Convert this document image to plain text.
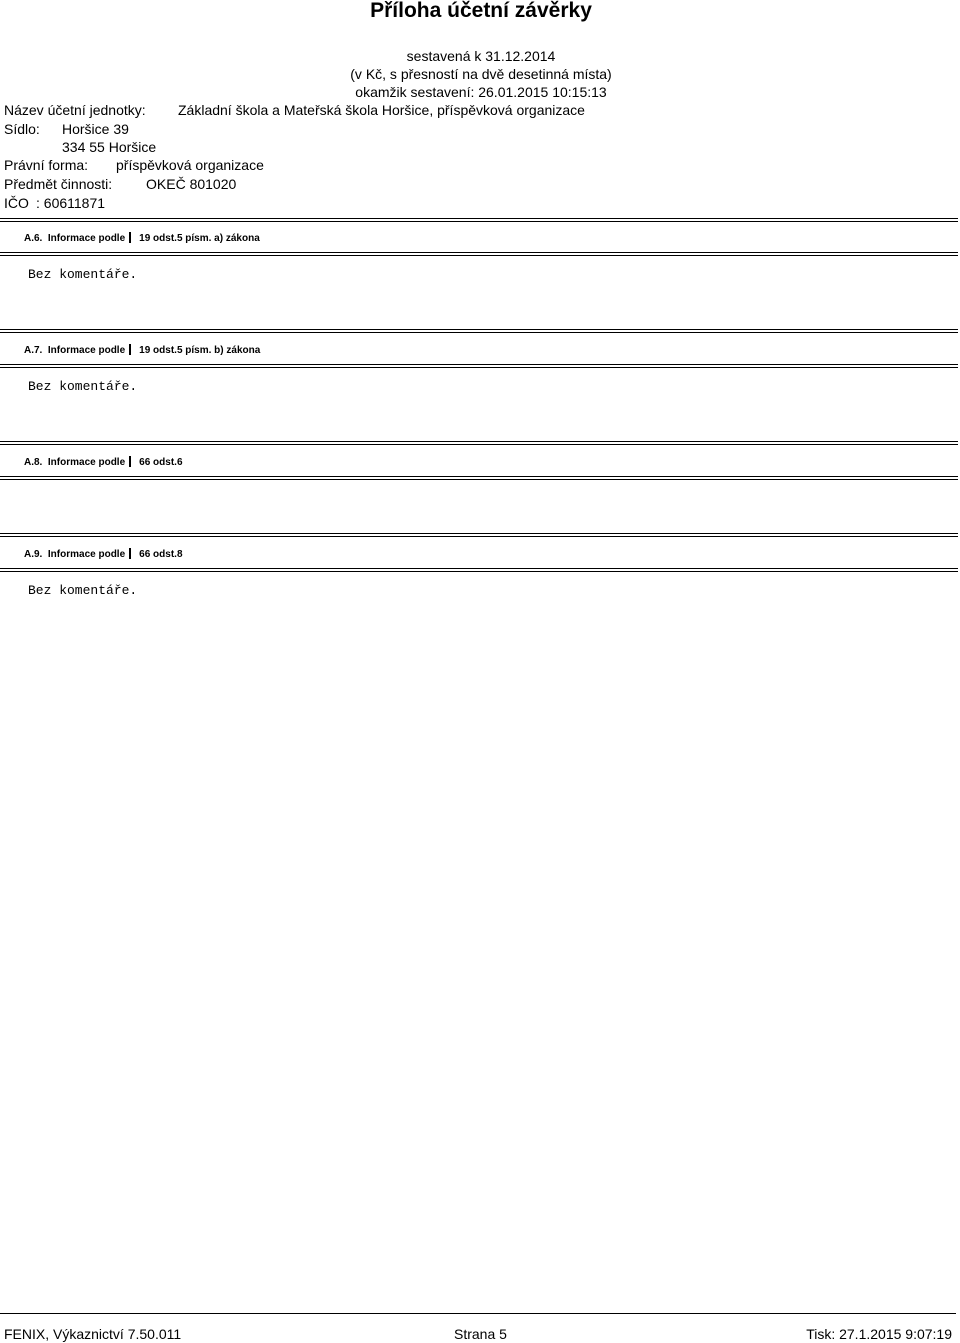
Příloha účetní závěrky
sestavená k 31.12.2014
(v Kč, s přesností na dvě desetinná místa)
okamžik sestavení: 26.01.2015 10:15:13
Název účetní jednotky: Základní škola a Mateřská škola Horšice, příspěvková organizace
Sídlo: Horšice 39
334 55 Horšice
Právní forma: příspěvková organizace
Předmět činnosti: OKEČ 801020
IČO : 60611871
A.6. Informace podle 19 odst.5 písm. a) zákona
Bez komentáře.
A.7. Informace podle 19 odst.5 písm. b) zákona
Bez komentáře.
A.8. Informace podle 66 odst.6
A.9. Informace podle 66 odst.8
Bez komentáře.
FENIX, Výkaznictví 7.50.011	Strana 5	Tisk: 27.1.2015 9:07:19
